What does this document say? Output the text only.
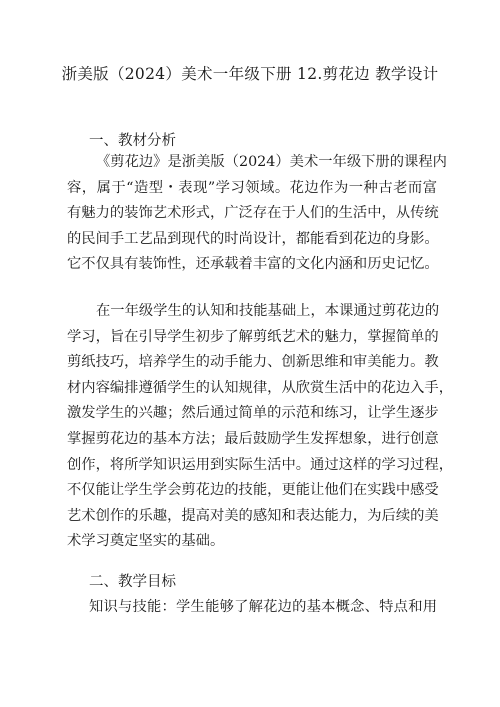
浙美版（2024）美术一年级下册 12.剪花边 教学设计
一、教材分析
《剪花边》是浙美版（2024）美术一年级下册的课程内
容，属于“造型・表现”学习领域。花边作为一种古老而富
有魅力的装饰艺术形式，广泛存在于人们的生活中，从传统
的民间手工艺品到现代的时尚设计，都能看到花边的身影。
它不仅具有装饰性，还承载着丰富的文化内涵和历史记忆。
在一年级学生的认知和技能基础上，本课通过剪花边的
学习，旨在引导学生初步了解剪纸艺术的魅力，掌握简单的
剪纸技巧，培养学生的动手能力、创新思维和审美能力。教
材内容编排遵循学生的认知规律，从欣赏生活中的花边入手，
激发学生的兴趣；然后通过简单的示范和练习，让学生逐步
掌握剪花边的基本方法；最后鼓励学生发挥想象，进行创意
创作，将所学知识运用到实际生活中。通过这样的学习过程，
不仅能让学生学会剪花边的技能，更能让他们在实践中感受
艺术创作的乐趣，提高对美的感知和表达能力，为后续的美
术学习奠定坚实的基础。
二、教学目标
知识与技能：学生能够了解花边的基本概念、特点和用
